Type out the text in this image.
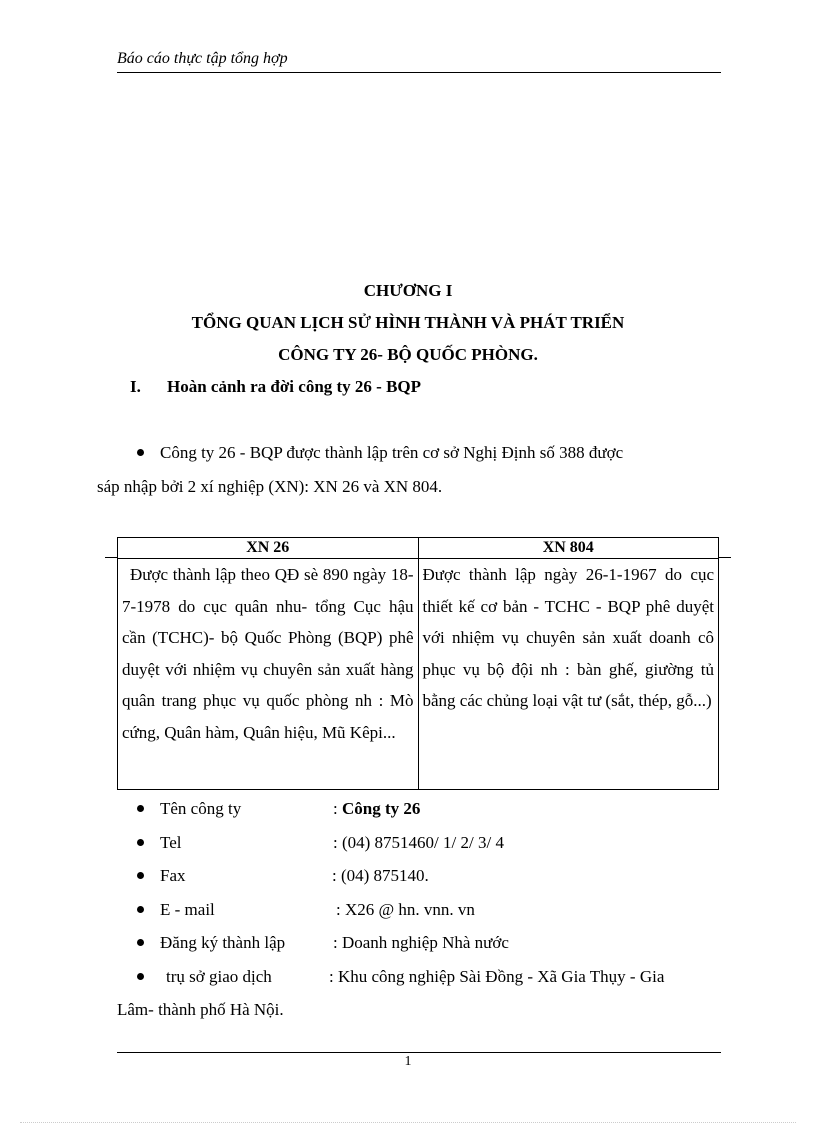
Báo cáo thực tập tổng hợp
CHƯƠNG I
TỔNG QUAN LỊCH SỬ HÌNH THÀNH VÀ PHÁT TRIỂN
CÔNG TY 26- BỘ QUỐC PHÒNG.
I. Hoàn cảnh ra đời công ty 26 - BQP
Công ty 26 - BQP được thành lập trên cơ sở Nghị Định số 388 được
sáp nhập bởi 2 xí nghiệp (XN): XN 26 và XN 804.
XN 26	XN 804
Được thành lập theo QĐ sè 890 ngày 18-7-1978 do cục quân nhu- tổng Cục hậu cần (TCHC)- bộ Quốc Phòng (BQP) phê duyệt với nhiệm vụ chuyên sản xuất hàng quân trang phục vụ quốc phòng nh : Mò cứng, Quân hàm, Quân hiệu, Mũ Kêpi...	Được thành lập ngày 26-1-1967 do cục thiết kế cơ bản - TCHC - BQP phê duyệt với nhiệm vụ chuyên sản xuất doanh cô phục vụ bộ đội nh : bàn ghế, giường tủ bằng các chủng loại vật tư (sắt, thép, gỗ...)
Tên công ty	: Công ty 26
Tel	: (04) 8751460/ 1/ 2/ 3/ 4
Fax	: (04) 875140.
E - mail	: X26 @ hn. vnn. vn
Đăng ký thành lập	: Doanh nghiệp Nhà nước
trụ sở giao dịch	: Khu công nghiệp Sài Đồng - Xã Gia Thụy - Gia
Lâm- thành phố Hà Nội.
1
